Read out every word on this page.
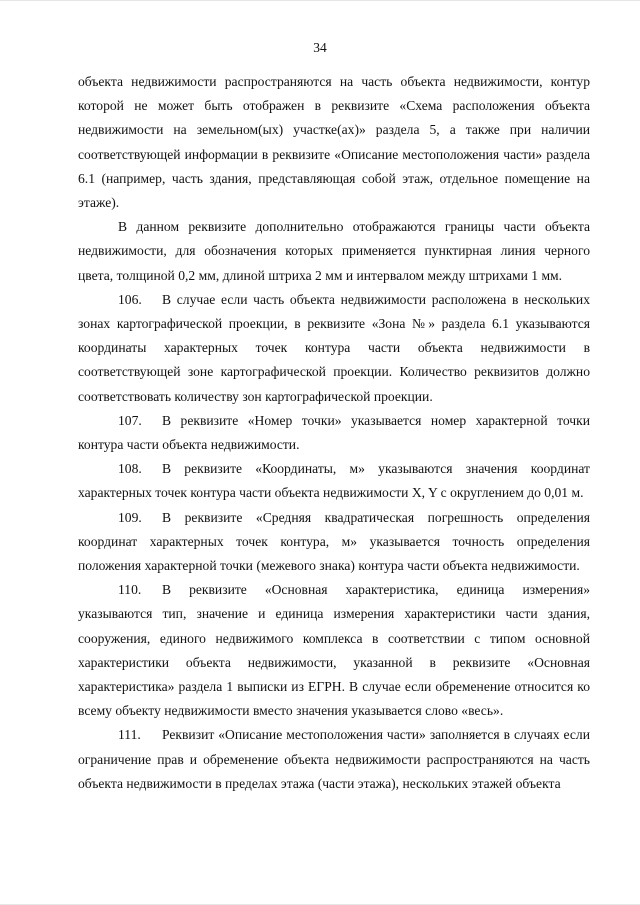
34

объекта недвижимости распространяются на часть объекта недвижимости, контур которой не может быть отображен в реквизите «Схема расположения объекта недвижимости на земельном(ых) участке(ах)» раздела 5, а также при наличии соответствующей информации в реквизите «Описание местоположения части» раздела 6.1 (например, часть здания, представляющая собой этаж, отдельное помещение на этаже).

В данном реквизите дополнительно отображаются границы части объекта недвижимости, для обозначения которых применяется пунктирная линия черного цвета, толщиной 0,2 мм, длиной штриха 2 мм и интервалом между штрихами 1 мм.

106. В случае если часть объекта недвижимости расположена в нескольких зонах картографической проекции, в реквизите «Зона №» раздела 6.1 указываются координаты характерных точек контура части объекта недвижимости в соответствующей зоне картографической проекции. Количество реквизитов должно соответствовать количеству зон картографической проекции.

107. В реквизите «Номер точки» указывается номер характерной точки контура части объекта недвижимости.

108. В реквизите «Координаты, м» указываются значения координат характерных точек контура части объекта недвижимости X, Y с округлением до 0,01 м.

109. В реквизите «Средняя квадратическая погрешность определения координат характерных точек контура, м» указывается точность определения положения характерной точки (межевого знака) контура части объекта недвижимости.

110. В реквизите «Основная характеристика, единица измерения» указываются тип, значение и единица измерения характеристики части здания, сооружения, единого недвижимого комплекса в соответствии с типом основной характеристики объекта недвижимости, указанной в реквизите «Основная характеристика» раздела 1 выписки из ЕГРН. В случае если обременение относится ко всему объекту недвижимости вместо значения указывается слово «весь».

111. Реквизит «Описание местоположения части» заполняется в случаях если ограничение прав и обременение объекта недвижимости распространяются на часть объекта недвижимости в пределах этажа (части этажа), нескольких этажей объекта
